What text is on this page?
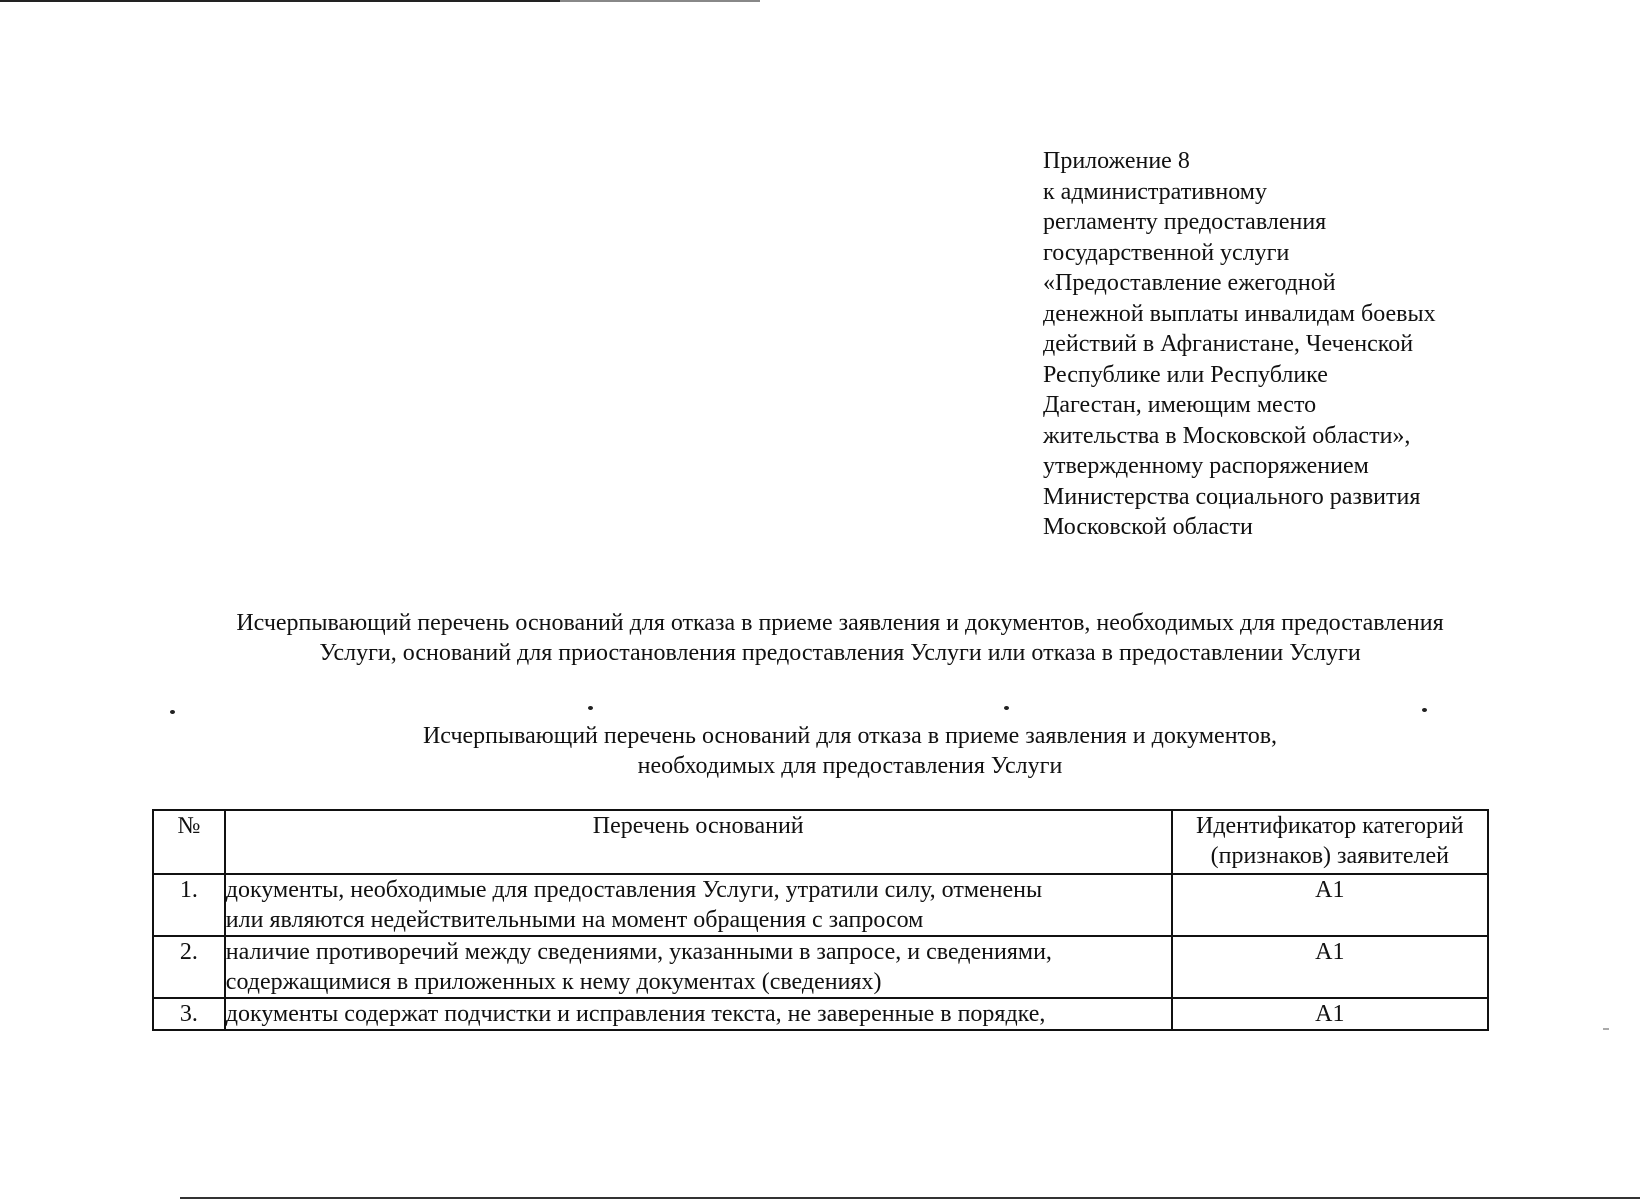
Приложение 8
к административному
регламенту предоставления
государственной услуги
«Предоставление ежегодной
денежной выплаты инвалидам боевых
действий в Афганистане, Чеченской
Республике или Республике
Дагестан, имеющим место
жительства в Московской области»,
утвержденному распоряжением
Министерства социального развития
Московской области
Исчерпывающий перечень оснований для отказа в приеме заявления и документов, необходимых для предоставления
Услуги, оснований для приостановления предоставления Услуги или отказа в предоставлении Услуги
Исчерпывающий перечень оснований для отказа в приеме заявления и документов,
необходимых для предоставления Услуги
№	Перечень оснований	Идентификатор категорий
(признаков) заявителей

1.	документы, необходимые для предоставления Услуги, утратили силу, отменены
или являются недействительными на момент обращения с запросом	А1
2.	наличие противоречий между сведениями, указанными в запросе, и сведениями,
содержащимися в приложенных к нему документах (сведениях)	А1

3.	документы содержат подчистки и исправления текста, не заверенные в порядке,	А1
